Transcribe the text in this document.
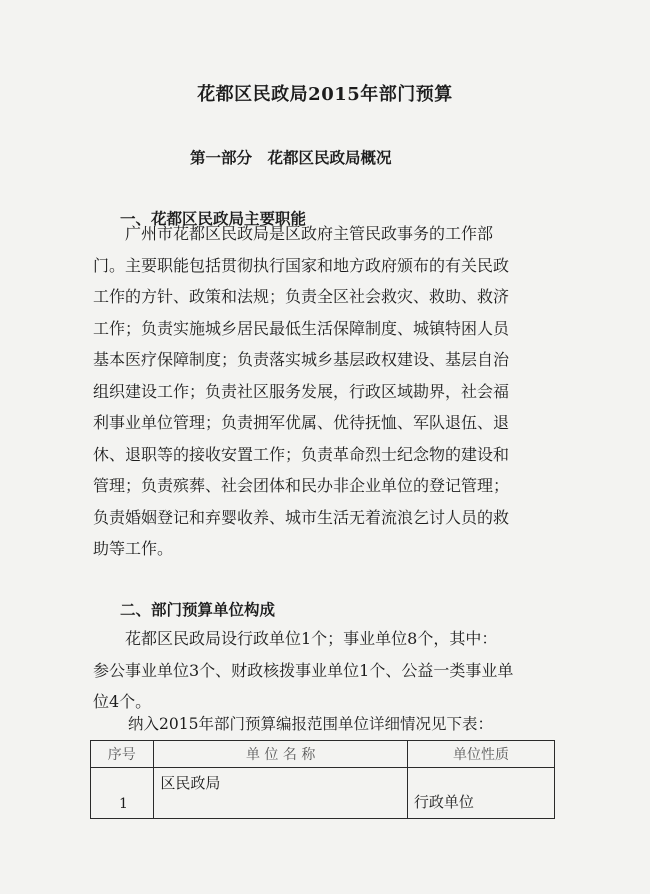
花都区民政局2015年部门预算
第一部分　花都区民政局概况
一、花都区民政局主要职能
　　广州市花都区民政局是区政府主管民政事务的工作部
门。主要职能包括贯彻执行国家和地方政府颁布的有关民政
工作的方针、政策和法规；负责全区社会救灾、救助、救济
工作；负责实施城乡居民最低生活保障制度、城镇特困人员
基本医疗保障制度；负责落实城乡基层政权建设、基层自治
组织建设工作；负责社区服务发展，行政区域勘界，社会福
利事业单位管理；负责拥军优属、优待抚恤、军队退伍、退
休、退职等的接收安置工作；负责革命烈士纪念物的建设和
管理；负责殡葬、社会团体和民办非企业单位的登记管理；
负责婚姻登记和弃婴收养、城市生活无着流浪乞讨人员的救
助等工作。
二、部门预算单位构成
　　花都区民政局设行政单位1个；事业单位8个，其中：
参公事业单位3个、财政核拨事业单位1个、公益一类事业单
位4个。
纳入2015年部门预算编报范围单位详细情况见下表：
序号	单 位 名 称	单位性质
1	区民政局	行政单位
